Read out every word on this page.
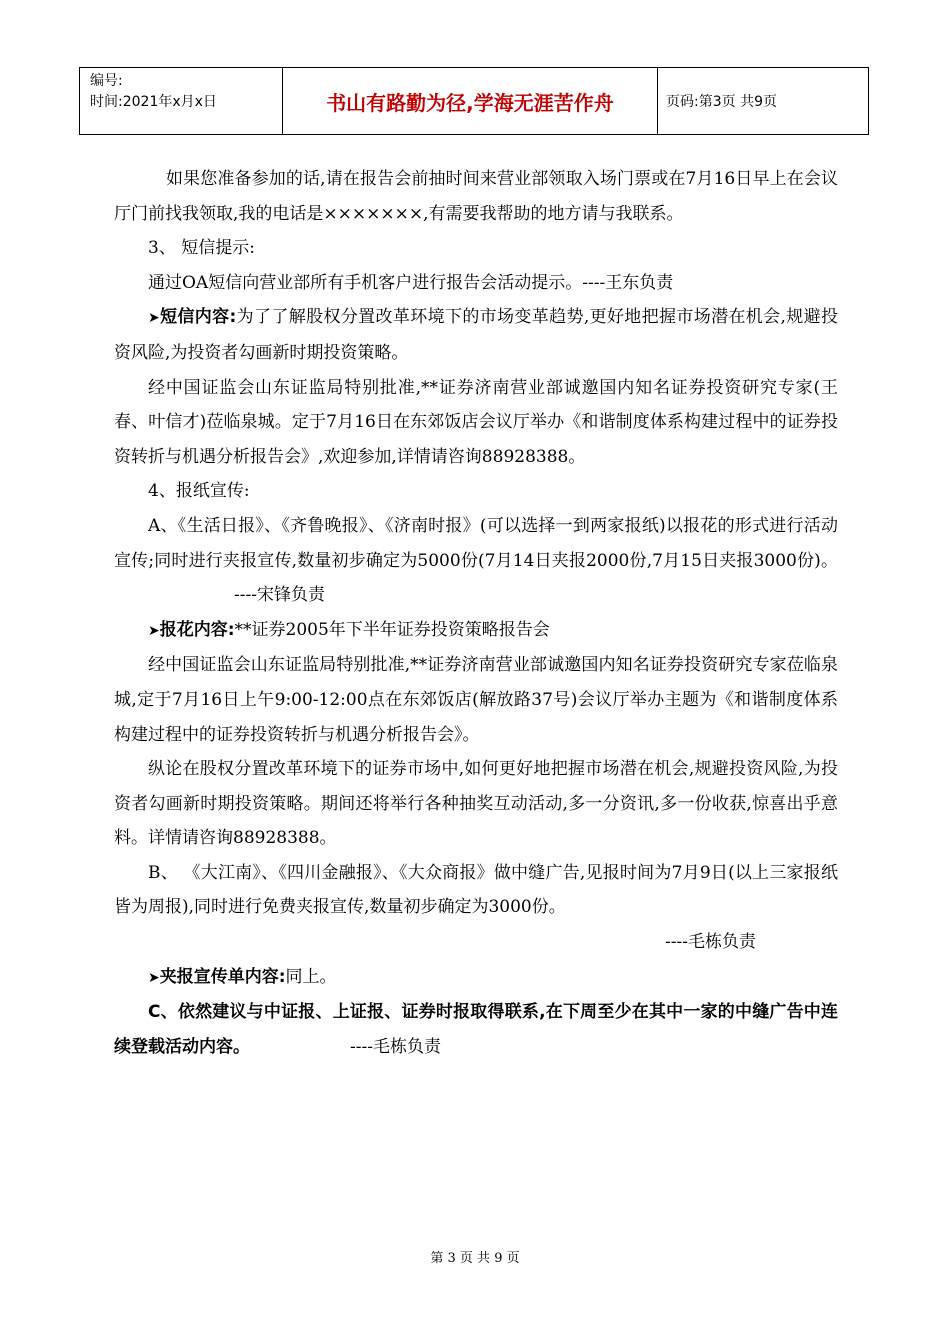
编号:
时间:2021年x月x日	书山有路勤为径,学海无涯苦作舟	页码:第3页 共9页

如果您准备参加的话,请在报告会前抽时间来营业部领取入场门票或在7月16日早上在会议厅门前找我领取,我的电话是×××××××,有需要我帮助的地方请与我联系。

3、 短信提示:

通过OA短信向营业部所有手机客户进行报告会活动提示。----王东负责

➤短信内容:为了了解股权分置改革环境下的市场变革趋势,更好地把握市场潜在机会,规避投资风险,为投资者勾画新时期投资策略。

经中国证监会山东证监局特别批准,**证券济南营业部诚邀国内知名证券投资研究专家(王春、叶信才)莅临泉城。定于7月16日在东郊饭店会议厅举办《和谐制度体系构建过程中的证券投资转折与机遇分析报告会》,欢迎参加,详情请咨询88928388。

4、报纸宣传:

A、《生活日报》、《齐鲁晚报》、《济南时报》(可以选择一到两家报纸)以报花的形式进行活动宣传;同时进行夹报宣传,数量初步确定为5000份(7月14日夹报2000份,7月15日夹报3000份)。----宋锋负责

➤报花内容:**证券2005年下半年证券投资策略报告会

经中国证监会山东证监局特别批准,**证券济南营业部诚邀国内知名证券投资研究专家莅临泉城,定于7月16日上午9:00-12:00点在东郊饭店(解放路37号)会议厅举办主题为《和谐制度体系构建过程中的证券投资转折与机遇分析报告会》。

纵论在股权分置改革环境下的证券市场中,如何更好地把握市场潜在机会,规避投资风险,为投资者勾画新时期投资策略。期间还将举行各种抽奖互动活动,多一分资讯,多一份收获,惊喜出乎意料。详情请咨询88928388。

B、 《大江南》、《四川金融报》、《大众商报》做中缝广告,见报时间为7月9日(以上三家报纸皆为周报),同时进行免费夹报宣传,数量初步确定为3000份。

----毛栋负责

➤夹报宣传单内容:同上。

C、依然建议与中证报、上证报、证券时报取得联系,在下周至少在其中一家的中缝广告中连续登载活动内容。	----毛栋负责

第 3 页 共 9 页
